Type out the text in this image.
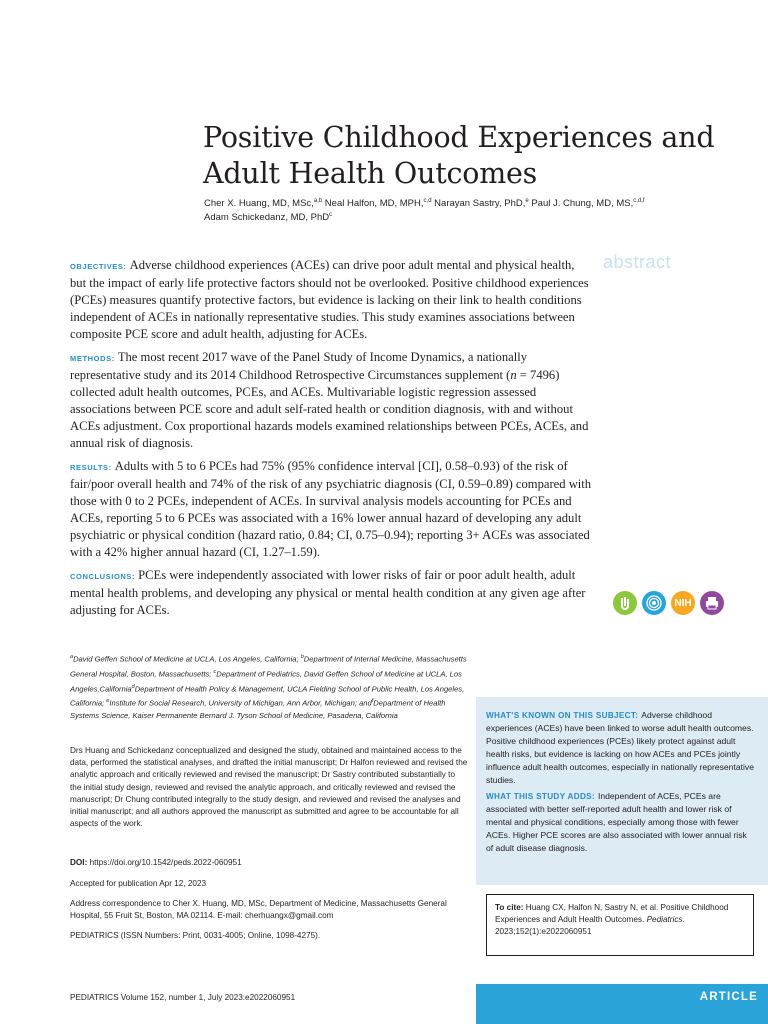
Positive Childhood Experiences and Adult Health Outcomes
Cher X. Huang, MD, MSc,$^{a,b}$ Neal Halfon, MD, MPH,$^{c,d}$ Narayan Sastry, PhD,$^e$ Paul J. Chung, MD, MS,$^{c,d,f}$
Adam Schickedanz, MD, PhD$^c$
abstract

OBJECTIVES: Adverse childhood experiences (ACEs) can drive poor adult mental and physical health, but the impact of early life protective factors should not be overlooked. Positive childhood experiences (PCEs) measures quantify protective factors, but evidence is lacking on their link to health conditions independent of ACEs in nationally representative studies. This study examines associations between composite PCE score and adult health, adjusting for ACEs.

METHODS: The most recent 2017 wave of the Panel Study of Income Dynamics, a nationally representative study and its 2014 Childhood Retrospective Circumstances supplement (n = 7496) collected adult health outcomes, PCEs, and ACEs. Multivariable logistic regression assessed associations between PCE score and adult self-rated health or condition diagnosis, with and without ACEs adjustment. Cox proportional hazards models examined relationships between PCEs, ACEs, and annual risk of diagnosis.

RESULTS: Adults with 5 to 6 PCEs had 75% (95% confidence interval [CI], 0.58–0.93) of the risk of fair/poor overall health and 74% of the risk of any psychiatric diagnosis (CI, 0.59–0.89) compared with those with 0 to 2 PCEs, independent of ACEs. In survival analysis models accounting for PCEs and ACEs, reporting 5 to 6 PCEs was associated with a 16% lower annual hazard of developing any adult psychiatric or physical condition (hazard ratio, 0.84; CI, 0.75–0.94); reporting 3+ ACEs was associated with a 42% higher annual hazard (CI, 1.27–1.59).

CONCLUSIONS: PCEs were independently associated with lower risks of fair or poor adult health, adult mental health problems, and developing any physical or mental health condition at any given age after adjusting for ACEs.	NIH
$^a$David Geffen School of Medicine at UCLA, Los Angeles, California; $^b$Department of Internal Medicine, Massachusetts General Hospital, Boston, Massachusetts; $^c$Department of Pediatrics, David Geffen School of Medicine at UCLA, Los Angeles,California$^d$Department of Health Policy & Management, UCLA Fielding School of Public Health, Los Angeles, California; $^e$Institute for Social Research, University of Michigan, Ann Arbor, Michigan; and$^f$Department of Health Systems Science, Kaiser Permanente Bernard J. Tyson School of Medicine, Pasadena, California
Drs Huang and Schickedanz conceptualized and designed the study, obtained and maintained access to the data, performed the statistical analyses, and drafted the initial manuscript; Dr Halfon reviewed and revised the analytic approach and critically reviewed and revised the manuscript; Dr Sastry contributed substantially to the initial study design, reviewed and revised the analytic approach, and critically reviewed and revised the manuscript; Dr Chung contributed integrally to the study design, and reviewed and revised the analyses and initial manuscript; and all authors approved the manuscript as submitted and agree to be accountable for all aspects of the work.
DOI: https://doi.org/10.1542/peds.2022-060951
Accepted for publication Apr 12, 2023
Address correspondence to Cher X. Huang, MD, MSc, Department of Medicine, Massachusetts General Hospital, 55 Fruit St, Boston, MA 02114. E-mail: cherhuangx@gmail.com
PEDIATRICS (ISSN Numbers: Print, 0031-4005; Online, 1098-4275).

WHAT’S KNOWN ON THIS SUBJECT: Adverse childhood experiences (ACEs) have been linked to worse adult health outcomes. Positive childhood experiences (PCEs) likely protect against adult health risks, but evidence is lacking on how ACEs and PCEs jointly influence adult health outcomes, especially in nationally representative studies.

WHAT THIS STUDY ADDS: Independent of ACEs, PCEs are associated with better self-reported adult health and lower risk of mental and physical conditions, especially among those with fewer ACEs. Higher PCE scores are also associated with lower annual risk of adult disease diagnosis.

To cite: Huang CX, Halfon N, Sastry N, et al. Positive Childhood Experiences and Adult Health Outcomes. Pediatrics. 2023;152(1):e2022060951
PEDIATRICS Volume 152, number 1, July 2023:e2022060951	ARTICLE
